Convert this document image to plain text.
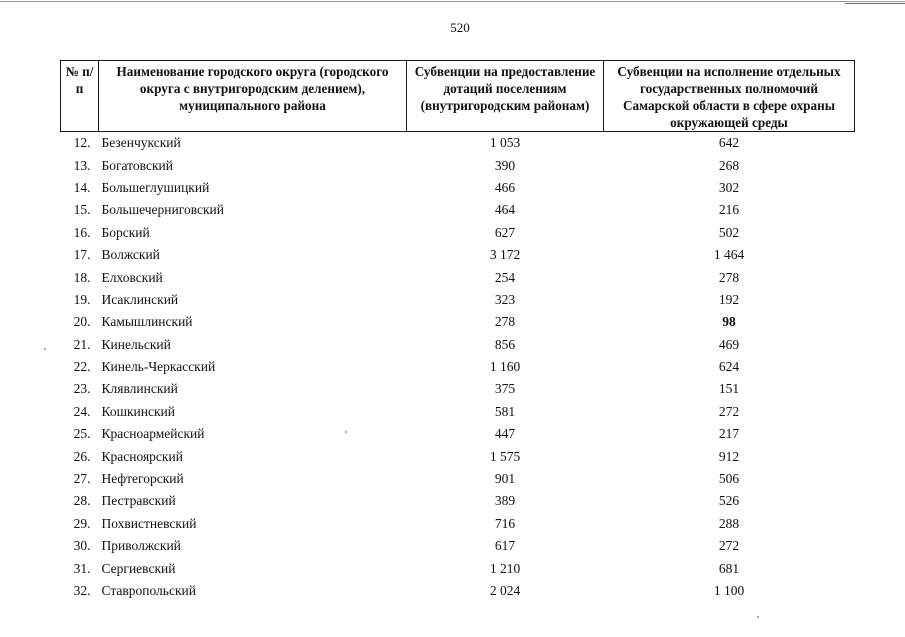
520
№ п/п	Наименование городского округа (городского округа с внутригородским делением), муниципального района	Субвенции на предоставление дотаций поселениям (внутригородским районам)	Субвенции на исполнение отдельных государственных полномочий Самарской области в сфере охраны окружающей среды
12.	Безенчукский	1 053	642
13.	Богатовский	390	268
14.	Большеглушицкий	466	302
15.	Большечерниговский	464	216
16.	Борский	627	502
17.	Волжский	3 172	1 464
18.	Елховский	254	278
19.	Исаклинский	323	192
20.	Камышлинский	278	98
21.	Кинельский	856	469
22.	Кинель-Черкасский	1 160	624
23.	Клявлинский	375	151
24.	Кошкинский	581	272
25.	Красноармейский	447	217
26.	Красноярский	1 575	912
27.	Нефтегорский	901	506
28.	Пестравский	389	526
29.	Похвистневский	716	288
30.	Приволжский	617	272
31.	Сергиевский	1 210	681
32.	Ставропольский	2 024	1 100
